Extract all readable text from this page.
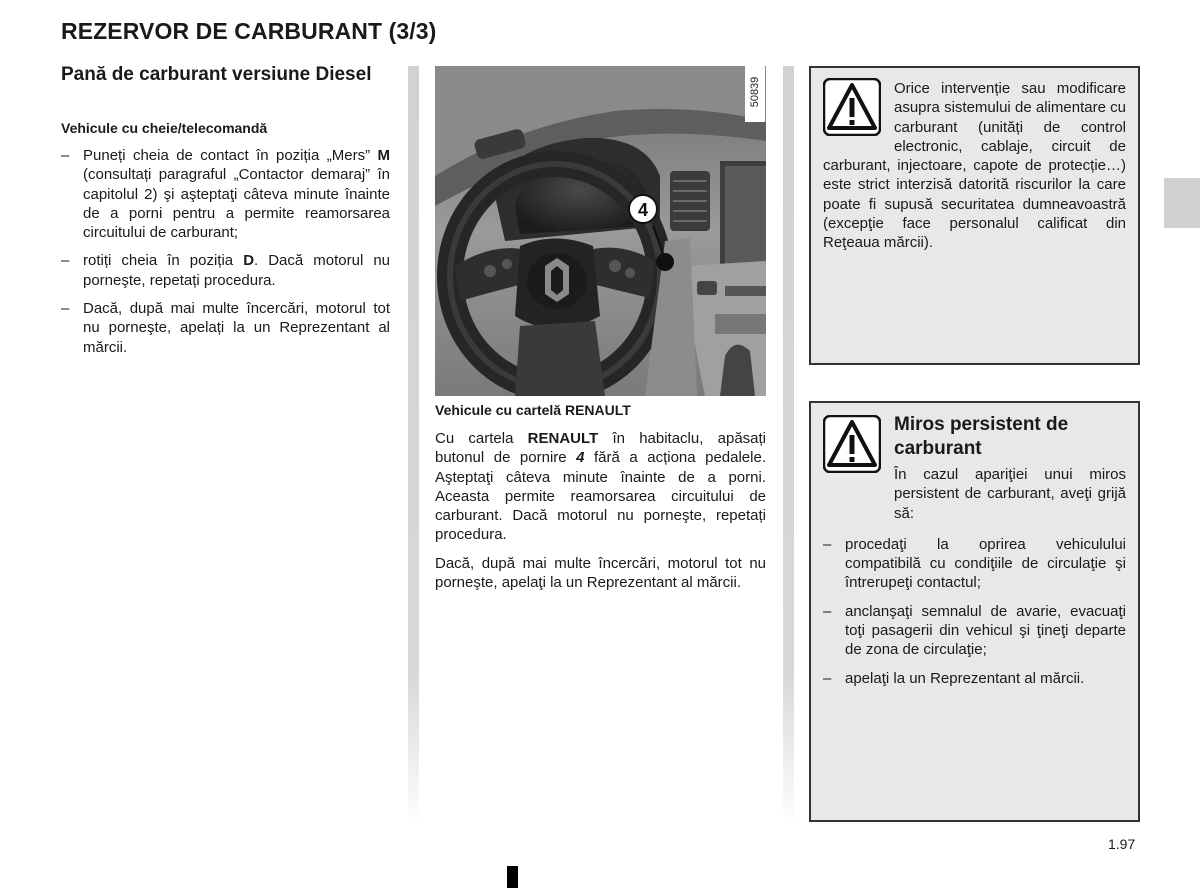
REZERVOR DE CARBURANT (3/3)
Pană de carburant versiune Diesel
Vehicule cu cheie/telecomandă
– Puneți cheia de contact în poziția „Mers” M (consultați paragraful „Contactor demaraj” în capitolul 2) şi aşteptaţi câteva minute înainte de a porni pentru a permite reamorsarea circuitului de carburant;
– rotiți cheia în poziția D. Dacă motorul nu porneşte, repetați procedura.
– Dacă, după mai multe încercări, motorul tot nu porneşte, apelați la un Reprezentant al mărcii.
4
50839
Vehicule cu cartelă RENAULT
Cu cartela RENAULT în habitaclu, apăsați butonul de pornire 4 fără a acționa pedalele. Aşteptaţi câteva minute înainte de a porni. Aceasta permite reamorsarea circuitului de carburant. Dacă motorul nu porneşte, repetați procedura.
Dacă, după mai multe încercări, motorul tot nu porneşte, apelaţi la un Reprezentant al mărcii.
Orice intervenție sau modificare asupra sistemului de alimentare cu carburant (unități de control electronic, cablaje, circuit de carburant, injectoare, capote de protecție…) este strict interzisă datorită riscurilor la care poate fi supusă securitatea dumneavoastră (excepţie face personalul calificat din Reţeaua mărcii).
Miros persistent de carburant
În cazul apariţiei unui miros persistent de carburant, aveţi grijă să:
– procedaţi la oprirea vehiculului compatibilă cu condiţiile de circulaţie şi întrerupeţi contactul;
– anclanşaţi semnalul de avarie, evacuaţi toţi pasagerii din vehicul şi ţineţi departe de zona de circulaţie;
– apelaţi la un Reprezentant al mărcii.
1.97
